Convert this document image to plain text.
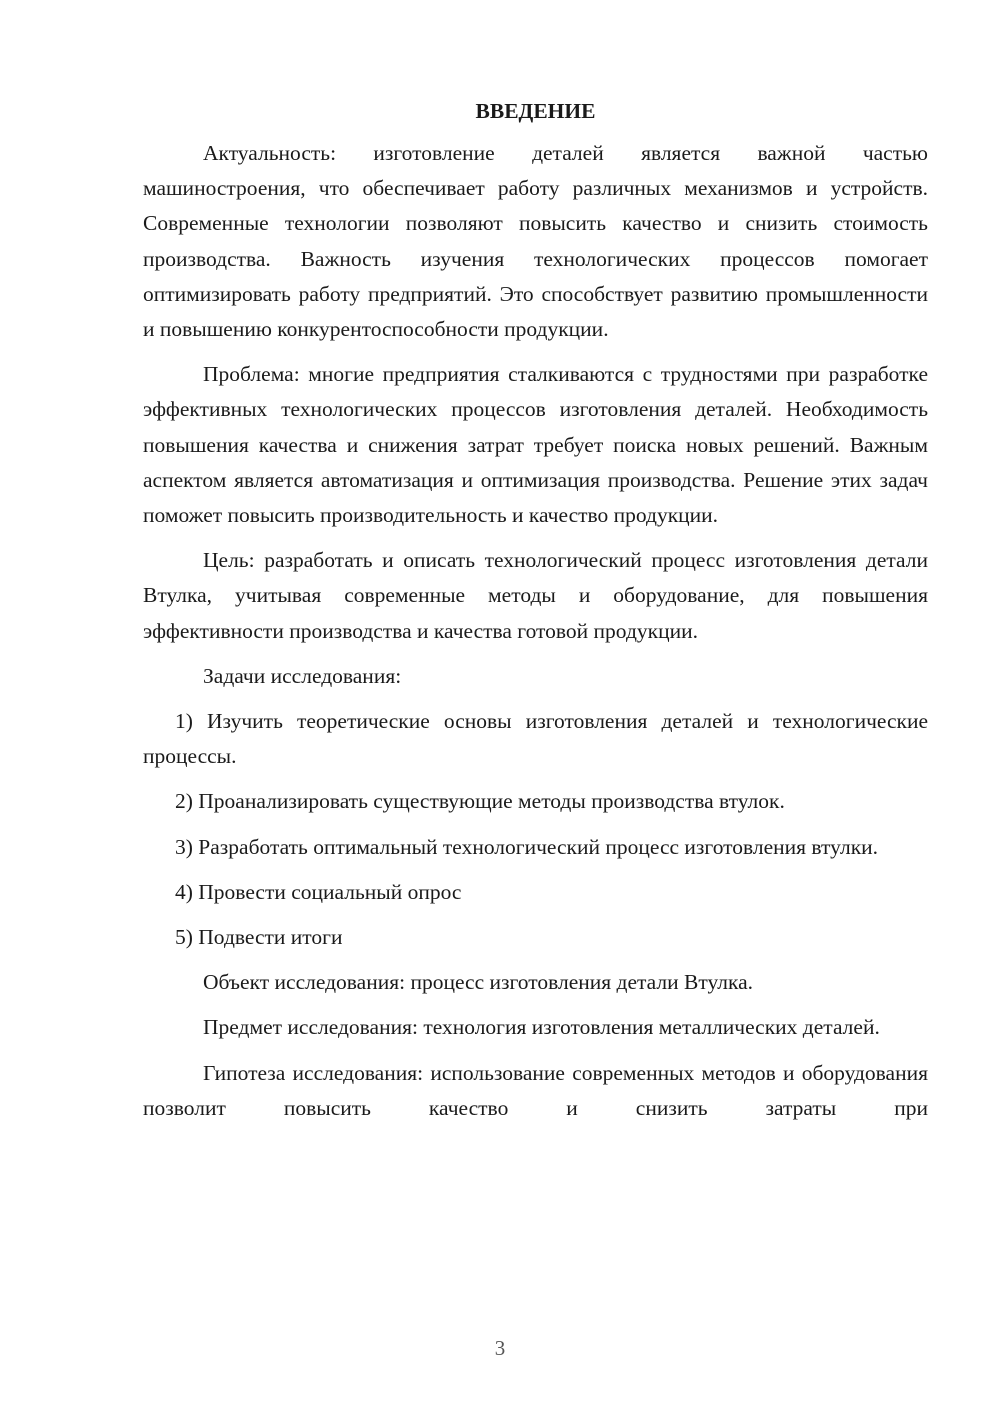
ВВЕДЕНИЕ

Актуальность: изготовление деталей является важной частью машиностроения, что обеспечивает работу различных механизмов и устройств. Современные технологии позволяют повысить качество и снизить стоимость производства. Важность изучения технологических процессов помогает оптимизировать работу предприятий. Это способствует развитию промышленности и повышению конкурентоспособности продукции.

Проблема: многие предприятия сталкиваются с трудностями при разработке эффективных технологических процессов изготовления деталей. Необходимость повышения качества и снижения затрат требует поиска новых решений. Важным аспектом является автоматизация и оптимизация производства. Решение этих задач поможет повысить производительность и качество продукции.

Цель: разработать и описать технологический процесс изготовления детали Втулка, учитывая современные методы и оборудование, для повышения эффективности производства и качества готовой продукции.

Задачи исследования:

1) Изучить теоретические основы изготовления деталей и технологические процессы.

2) Проанализировать существующие методы производства втулок.

3) Разработать оптимальный технологический процесс изготовления втулки.

4) Провести социальный опрос

5) Подвести итоги

Объект исследования: процесс изготовления детали Втулка.

Предмет исследования: технология изготовления металлических деталей.

Гипотеза исследования: использование современных методов и оборудования позволит повысить качество и снизить затраты при

3
